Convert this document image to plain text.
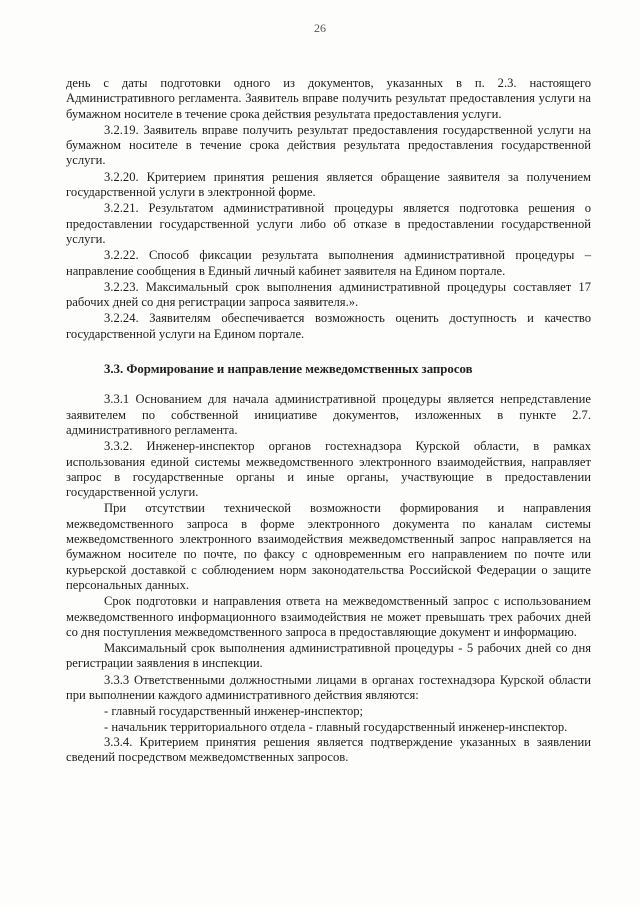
26

день с даты подготовки одного из документов, указанных в п. 2.3. настоящего Административного регламента. Заявитель вправе получить результат предоставления услуги на бумажном носителе в течение срока действия результата предоставления услуги.

3.2.19. Заявитель вправе получить результат предоставления государственной услуги на бумажном носителе в течение срока действия результата предоставления государственной услуги.

3.2.20. Критерием принятия решения является обращение заявителя за получением государственной услуги в электронной форме.

3.2.21. Результатом административной процедуры является подготовка решения о предоставлении государственной услуги либо об отказе в предоставлении государственной услуги.

3.2.22. Способ фиксации результата выполнения административной процедуры – направление сообщения в Единый личный кабинет заявителя на Едином портале.

3.2.23. Максимальный срок выполнения административной процедуры составляет 17 рабочих дней со дня регистрации запроса заявителя.».

3.2.24. Заявителям обеспечивается возможность оценить доступность и качество государственной услуги на Едином портале.

3.3. Формирование и направление межведомственных запросов

3.3.1 Основанием для начала административной процедуры является непредставление заявителем по собственной инициативе документов, изложенных в пункте 2.7. административного регламента.

3.3.2. Инженер-инспектор органов гостехнадзора Курской области, в рамках использования единой системы межведомственного электронного взаимодействия, направляет запрос в государственные органы и иные органы, участвующие в предоставлении государственной услуги.

При отсутствии технической возможности формирования и направления межведомственного запроса в форме электронного документа по каналам системы межведомственного электронного взаимодействия межведомственный запрос направляется на бумажном носителе по почте, по факсу с одновременным его направлением по почте или курьерской доставкой с соблюдением норм законодательства Российской Федерации о защите персональных данных.

Срок подготовки и направления ответа на межведомственный запрос с использованием межведомственного информационного взаимодействия не может превышать трех рабочих дней со дня поступления межведомственного запроса в предоставляющие документ и информацию.

Максимальный срок выполнения административной процедуры - 5 рабочих дней со дня регистрации заявления в инспекции.

3.3.3 Ответственными должностными лицами в органах гостехнадзора Курской области при выполнении каждого административного действия являются:

- главный государственный инженер-инспектор;

- начальник территориального отдела - главный государственный инженер-инспектор.

3.3.4. Критерием принятия решения является подтверждение указанных в заявлении сведений посредством межведомственных запросов.
